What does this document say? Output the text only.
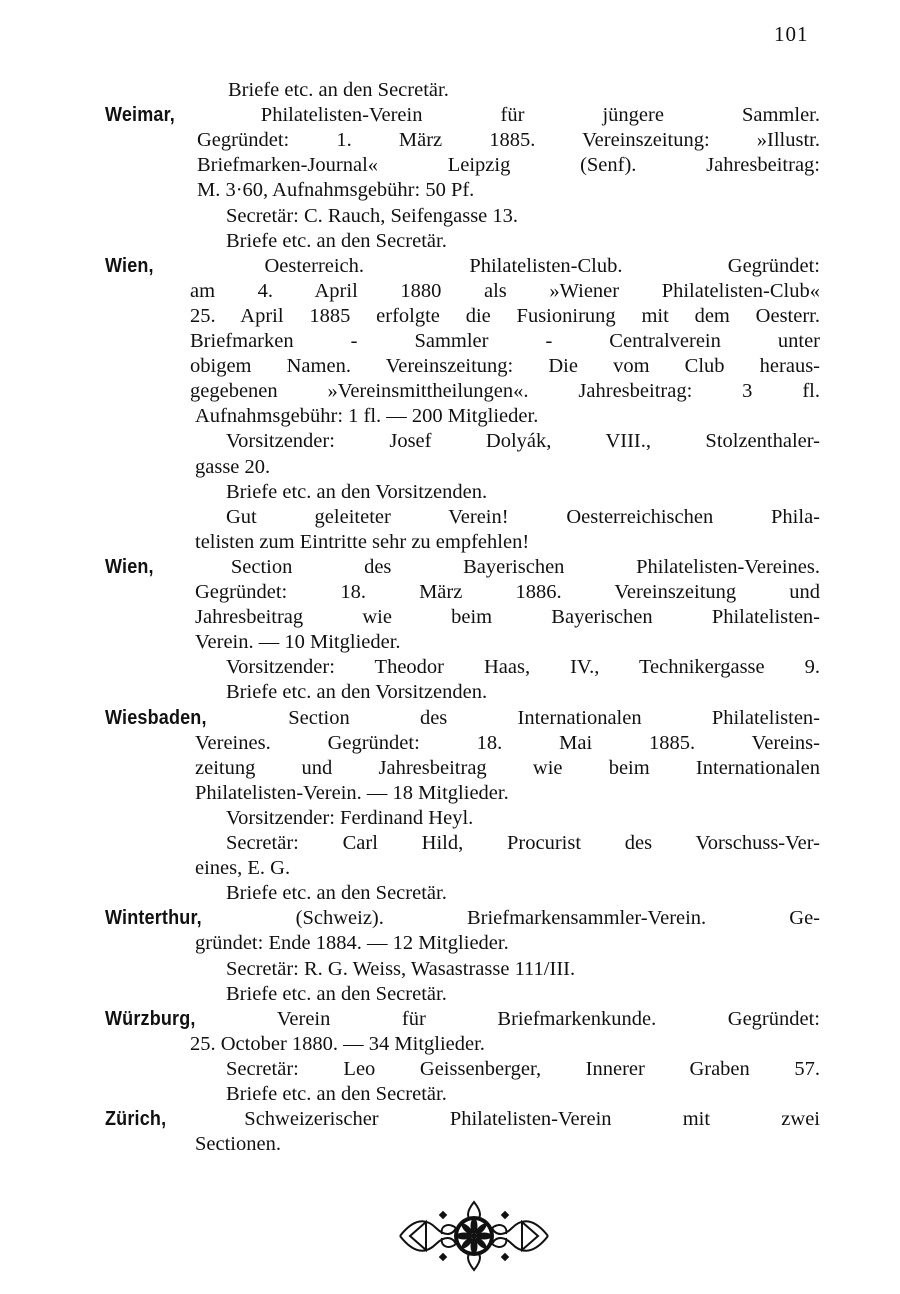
101
Briefe etc. an den Secretär.
Weimar,	Philatelisten-Verein für jüngere Sammler.
Gegründet: 1. März 1885. Vereinszeitung: »Illustr.
Briefmarken-Journal« Leipzig (Senf). Jahresbeitrag:
M. 3·60, Aufnahmsgebühr: 50 Pf.
Secretär: C. Rauch, Seifengasse 13.
Briefe etc. an den Secretär.
Wien,	Oesterreich. Philatelisten-Club. Gegründet:
am 4. April 1880 als »Wiener Philatelisten-Club«
25. April 1885 erfolgte die Fusionirung mit dem Oesterr.
Briefmarken - Sammler - Centralverein unter
obigem Namen. Vereinszeitung: Die vom Club heraus-
gegebenen »Vereinsmittheilungen«. Jahresbeitrag: 3 fl.
Aufnahmsgebühr: 1 fl. — 200 Mitglieder.
Vorsitzender: Josef Dolyák, VIII., Stolzenthaler-
gasse 20.
Briefe etc. an den Vorsitzenden.
Gut geleiteter Verein! Oesterreichischen Phila-
telisten zum Eintritte sehr zu empfehlen!
Wien,	Section des Bayerischen Philatelisten-Vereines.
Gegründet: 18. März 1886. Vereinszeitung und
Jahresbeitrag wie beim Bayerischen Philatelisten-
Verein. — 10 Mitglieder.
Vorsitzender: Theodor Haas, IV., Technikergasse 9.
Briefe etc. an den Vorsitzenden.
Wiesbaden,	Section des Internationalen Philatelisten-
Vereines. Gegründet: 18. Mai 1885. Vereins-
zeitung und Jahresbeitrag wie beim Internationalen
Philatelisten-Verein. — 18 Mitglieder.
Vorsitzender: Ferdinand Heyl.
Secretär: Carl Hild, Procurist des Vorschuss-Ver-
eines, E. G.
Briefe etc. an den Secretär.
Winterthur,	(Schweiz). Briefmarkensammler-Verein. Ge-
gründet: Ende 1884. — 12 Mitglieder.
Secretär: R. G. Weiss, Wasastrasse 111/III.
Briefe etc. an den Secretär.
Würzburg,	Verein für Briefmarkenkunde. Gegründet:
25. October 1880. — 34 Mitglieder.
Secretär: Leo Geissenberger, Innerer Graben 57.
Briefe etc. an den Secretär.
Zürich,	Schweizerischer Philatelisten-Verein mit zwei
Sectionen.
